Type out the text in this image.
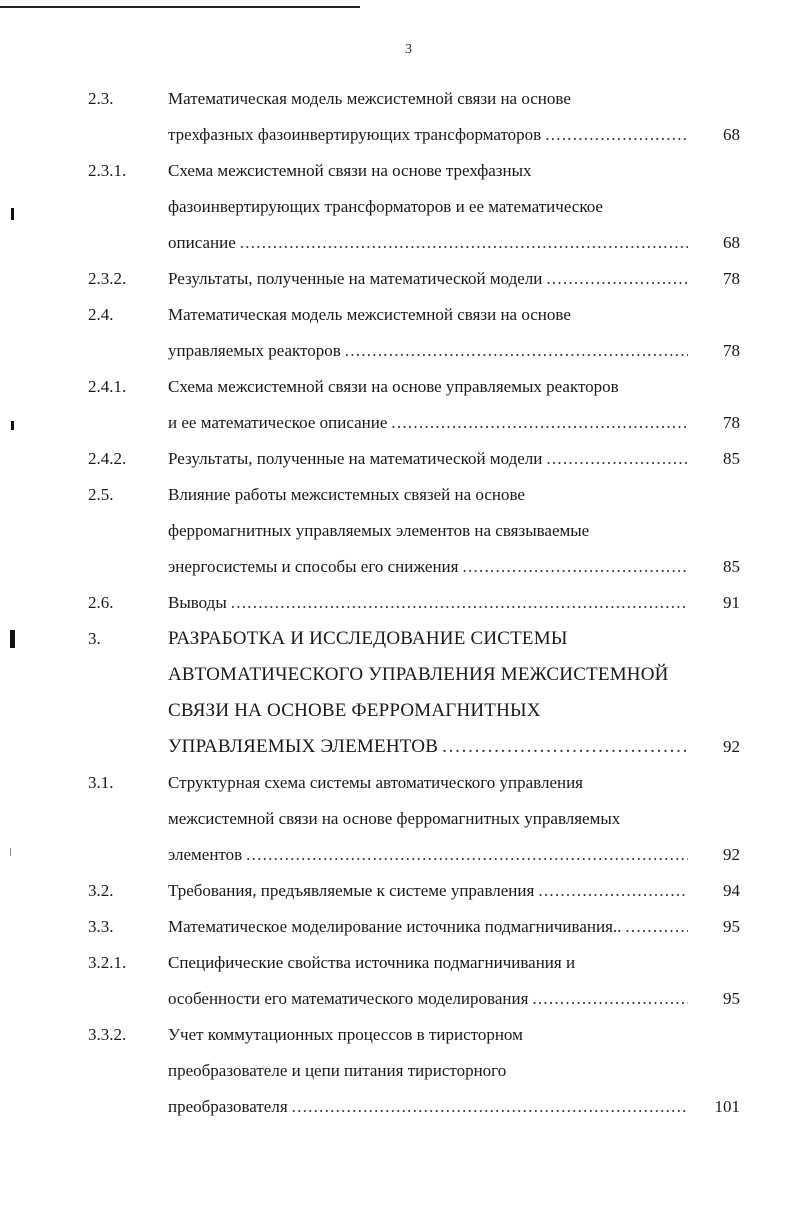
3
2.3.	Математическая модель межсистемной связи на основе
трехфазных фазоинвертирующих трансформаторов . . .	68
2.3.1. Схема межсистемной связи на основе трехфазных
фазоинвертирующих трансформаторов и ее математическое
описание . . .	68
2.3.2. Результаты, полученные на математической модели . . .	78
2.4.	Математическая модель межсистемной связи на основе
управляемых реакторов . . .	78
2.4.1. Схема межсистемной связи на основе управляемых реакторов
и ее математическое описание . . .	78
2.4.2. Результаты, полученные на математической модели . . .	85
2.5.	Влияние работы межсистемных связей на основе
ферромагнитных управляемых элементов на связываемые
энергосистемы и способы его снижения . . .	85
2.6.	Выводы . . .	91
3.	РАЗРАБОТКА И ИССЛЕДОВАНИЕ СИСТЕМЫ
АВТОМАТИЧЕСКОГО УПРАВЛЕНИЯ МЕЖСИСТЕМНОЙ
СВЯЗИ НА ОСНОВЕ ФЕРРОМАГНИТНЫХ
УПРАВЛЯЕМЫХ ЭЛЕМЕНТОВ . . .	92
3.1.	Структурная схема системы автоматического управления
межсистемной связи на основе ферромагнитных управляемых
элементов . . .	92
3.2.	Требования, предъявляемые к системе управления . . .	94
3.3.	Математическое моделирование источника подмагничивания.. . . .	95
3.2.1. Специфические свойства источника подмагничивания и
особенности его математического моделирования . . .	95
3.3.2. Учет коммутационных процессов в тиристорном
преобразователе и цепи питания тиристорного
преобразователя . . .	101
